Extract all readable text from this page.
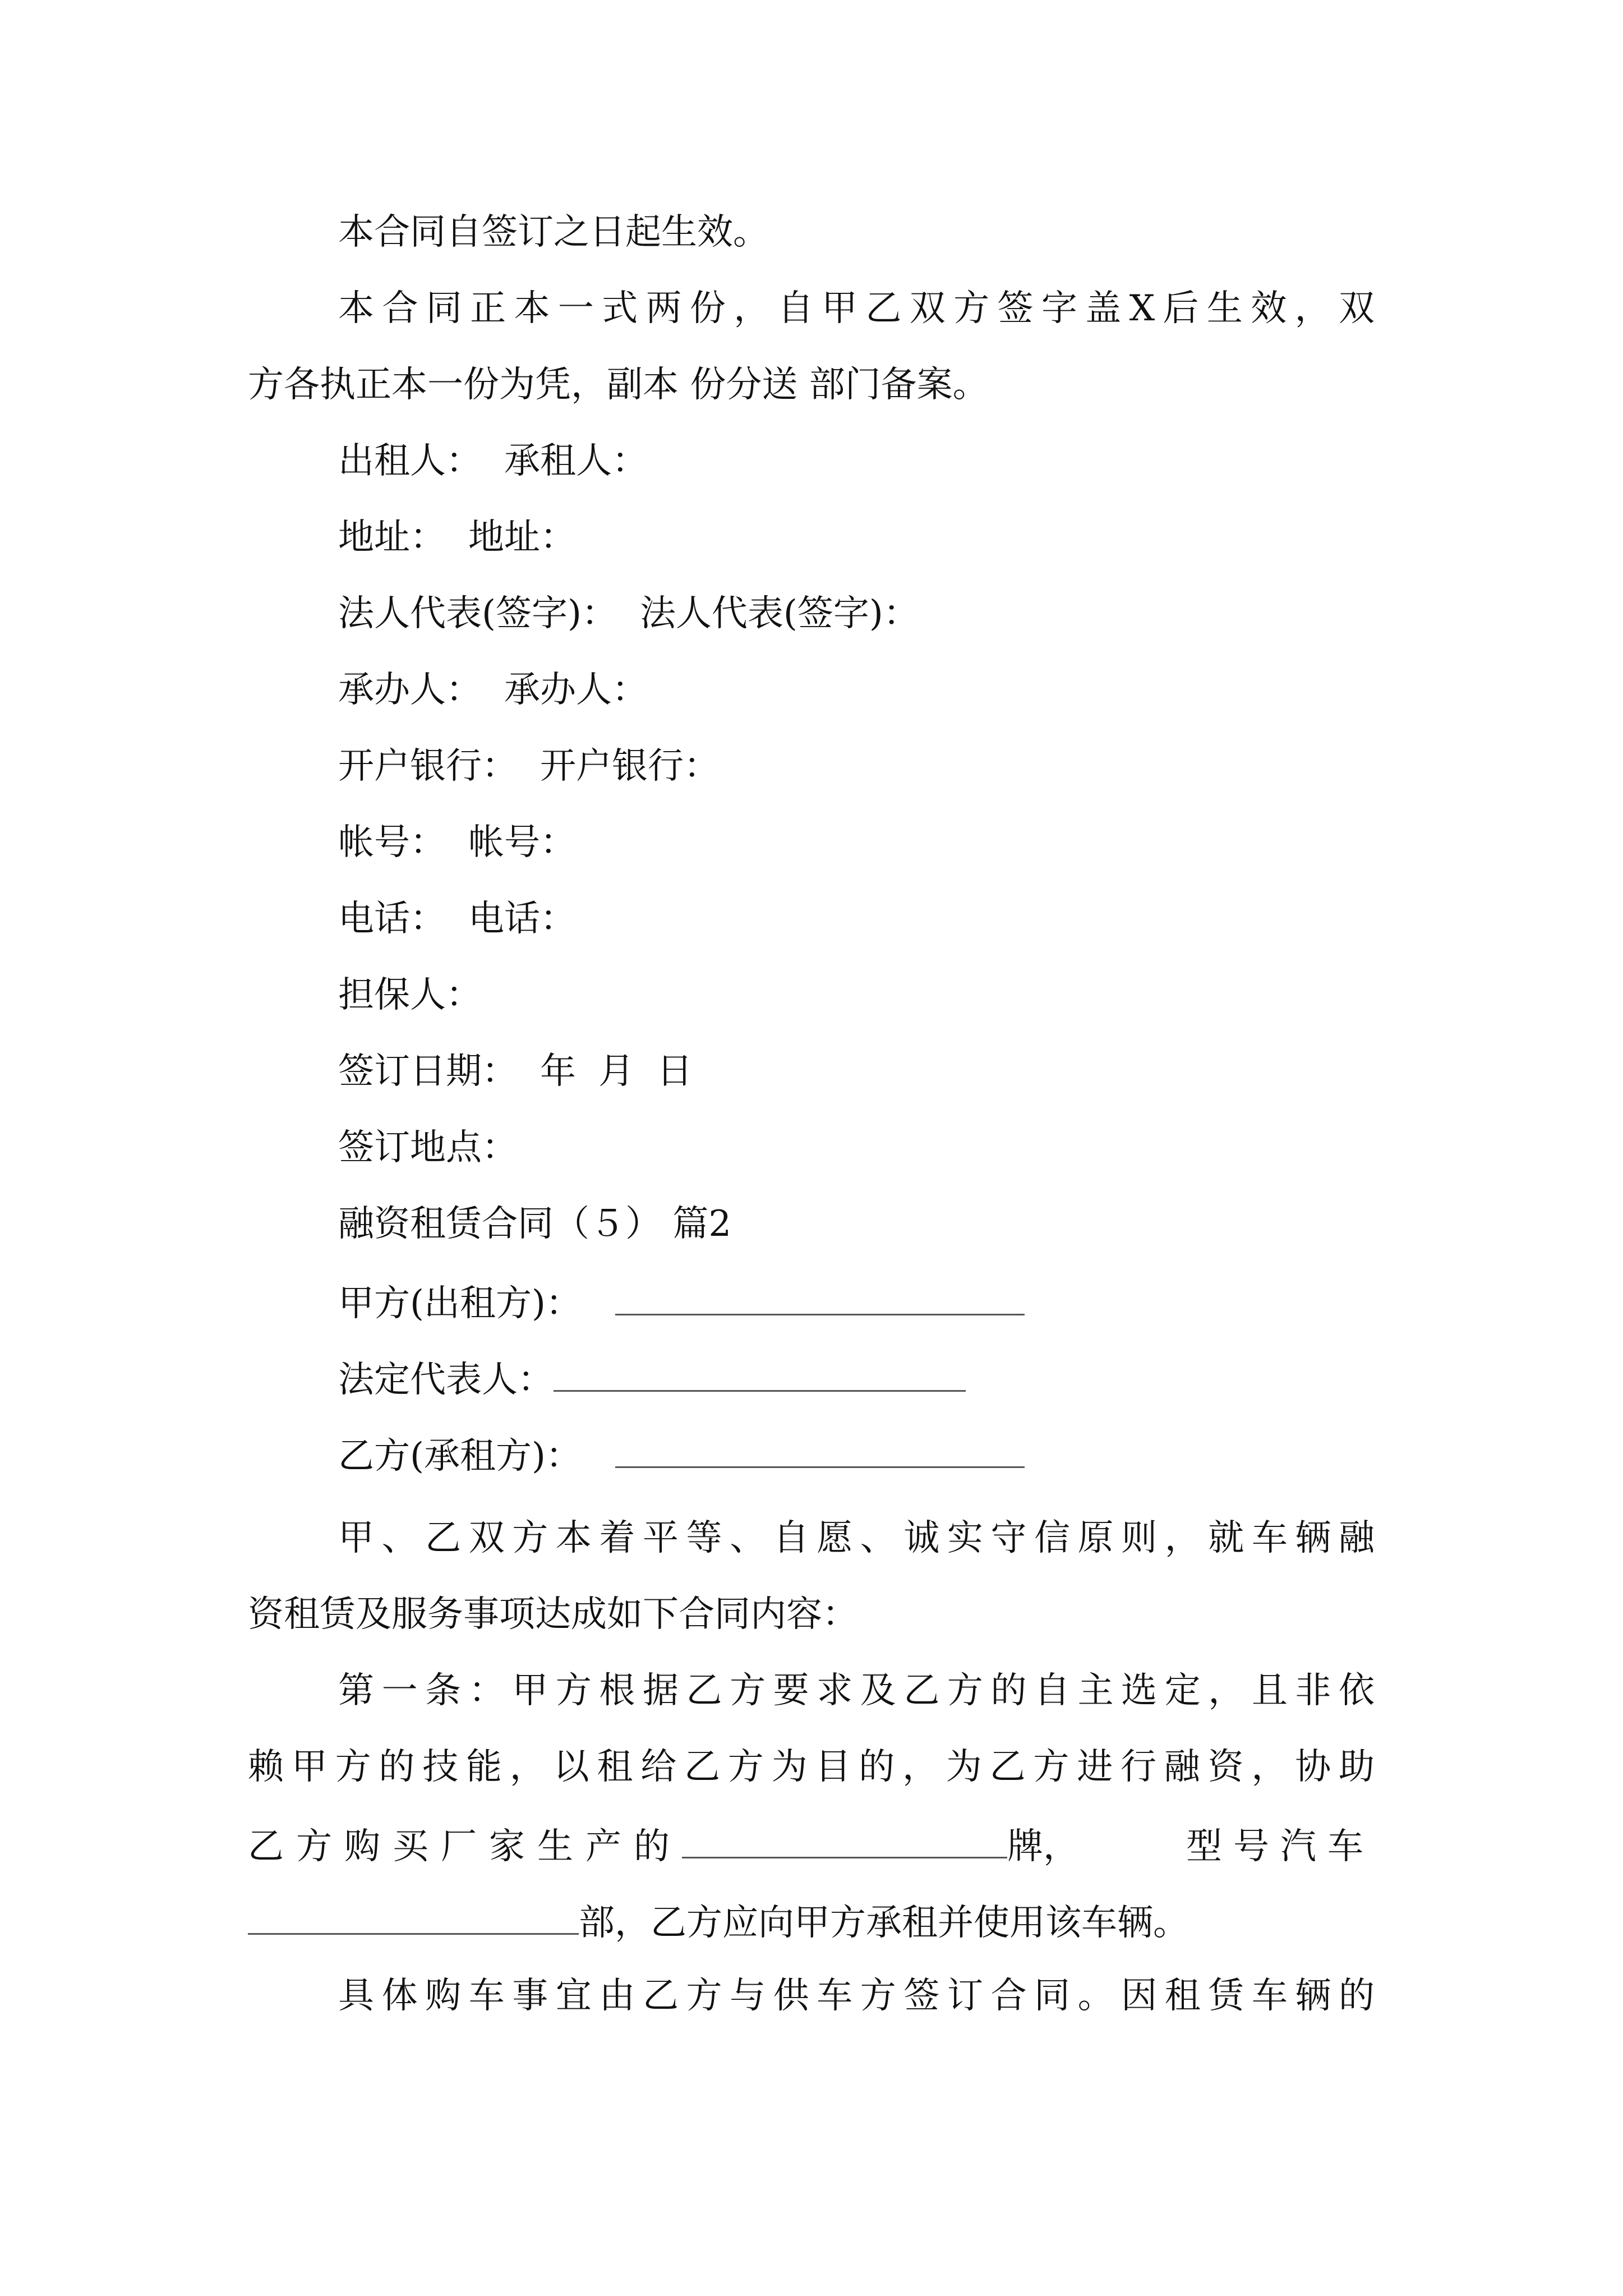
本合同自签订之日起生效。
本合同正本一式两份，自甲乙双方签字盖X后生效，双
方各执正本一份为凭，副本 份分送 部门备案。
出租人： 承租人：
地址： 地址：
法人代表(签字)： 法人代表(签字)：
承办人： 承办人：
开户银行： 开户银行：
帐号： 帐号：
电话： 电话：
担保人：
签订日期： 年 月 日
签订地点：
融资租赁合同（５） 篇2
甲方(出租方)：
法定代表人：
乙方(承租方)：
甲、乙双方本着平等、自愿、诚实守信原则，就车辆融
资租赁及服务事项达成如下合同内容：
第一条：甲方根据乙方要求及乙方的自主选定，且非依
赖甲方的技能，以租给乙方为目的，为乙方进行融资，协助
乙方购买厂家生产的	牌，	型号汽车
部，乙方应向甲方承租并使用该车辆。
具体购车事宜由乙方与供车方签订合同。因租赁车辆的
